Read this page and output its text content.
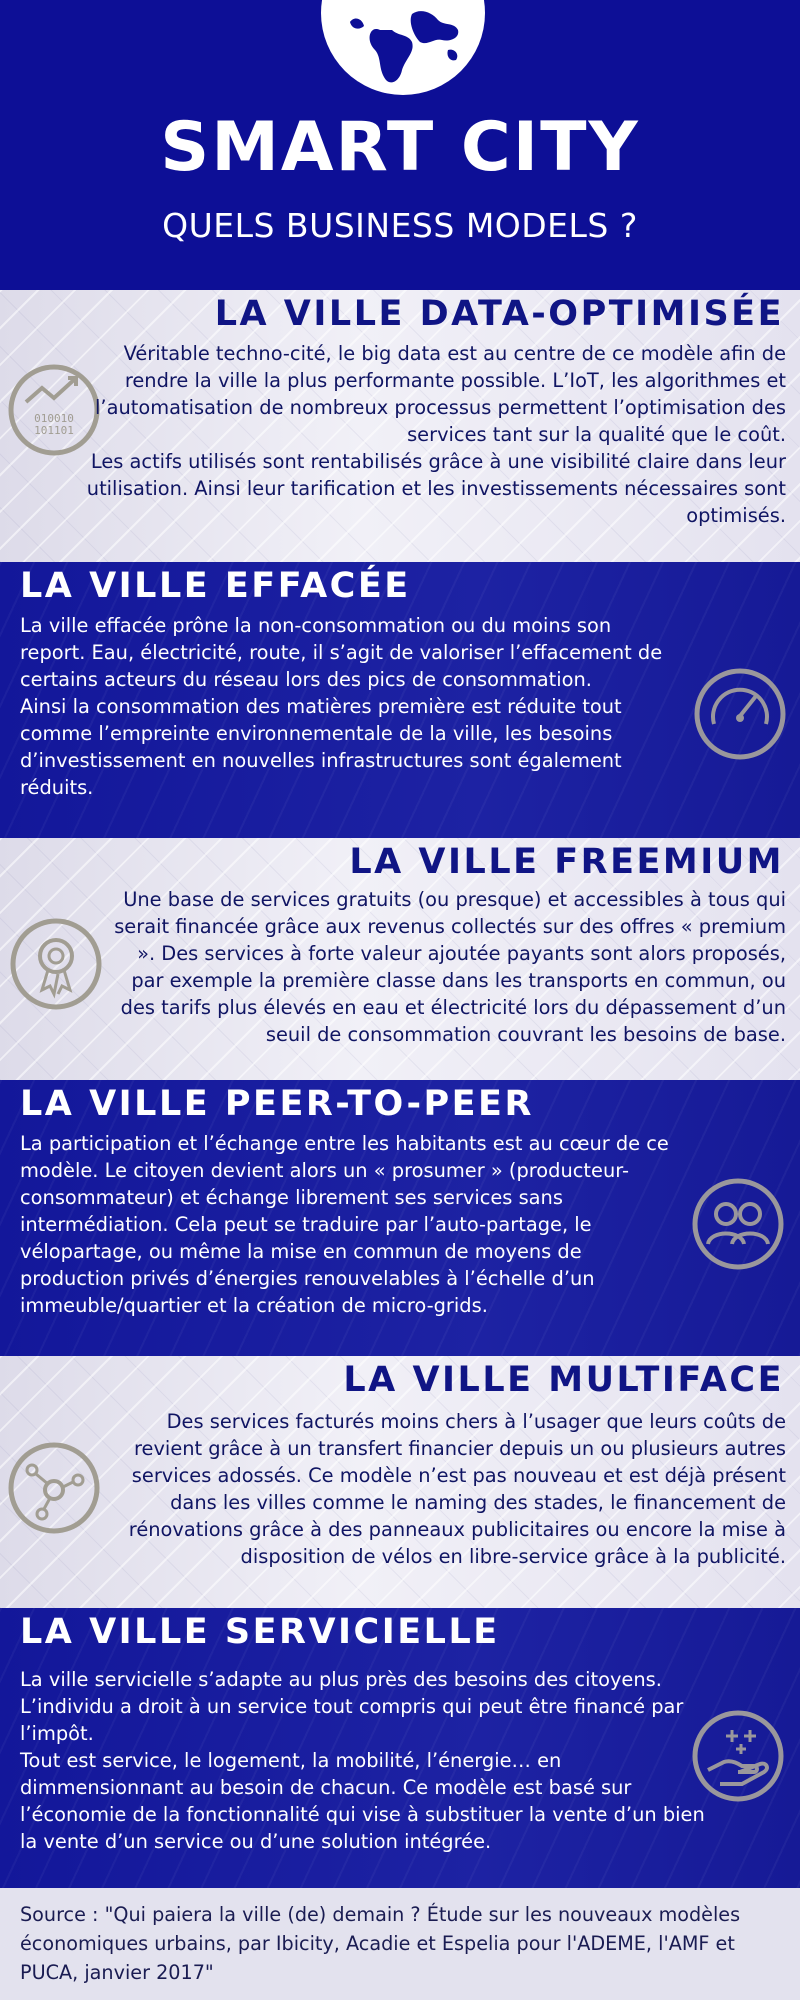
SMART CITY
QUELS BUSINESS MODELS ?
LA VILLE DATA-OPTIMISÉE
010010
101101

Véritable techno-cité, le big data est au centre de ce modèle afin de rendre la ville la plus performante possible. L’IoT, les algorithmes et l’automatisation de nombreux processus permettent l’optimisation des services tant sur la qualité que le coût.

Les actifs utilisés sont rentabilisés grâce à une visibilité claire dans leur utilisation. Ainsi leur tarification et les investissements nécessaires sont optimisés.

LA VILLE EFFACÉE

La ville effacée prône la non-consommation ou du moins son report. Eau, électricité, route, il s’agit de valoriser l’effacement de certains acteurs du réseau lors des pics de consommation.

Ainsi la consommation des matières première est réduite tout comme l’empreinte environnementale de la ville, les besoins d’investissement en nouvelles infrastructures sont également réduits.

LA VILLE FREEMIUM

Une base de services gratuits (ou presque) et accessibles à tous qui serait financée grâce aux revenus collectés sur des offres « premium ». Des services à forte valeur ajoutée payants sont alors proposés, par exemple la première classe dans les transports en commun, ou des tarifs plus élevés en eau et électricité lors du dépassement d’un seuil de consommation couvrant les besoins de base.

LA VILLE PEER-TO-PEER

La participation et l’échange entre les habitants est au cœur de ce modèle. Le citoyen devient alors un « prosumer » (producteur-consommateur) et échange librement ses services sans intermédiation. Cela peut se traduire par l’auto-partage, le vélopartage, ou même la mise en commun de moyens de production privés d’énergies renouvelables à l’échelle d’un immeuble/quartier et la création de micro-grids.

LA VILLE MULTIFACE

Des services facturés moins chers à l’usager que leurs coûts de revient grâce à un transfert financier depuis un ou plusieurs autres services adossés. Ce modèle n’est pas nouveau et est déjà présent dans les villes comme le naming des stades, le financement de rénovations grâce à des panneaux publicitaires ou encore la mise à disposition de vélos en libre-service grâce à la publicité.

LA VILLE SERVICIELLE

La ville servicielle s’adapte au plus près des besoins des citoyens. L’individu a droit à un service tout compris qui peut être financé par l’impôt.

Tout est service, le logement, la mobilité, l’énergie… en dimmensionnant au besoin de chacun. Ce modèle est basé sur l’économie de la fonctionnalité qui vise à substituer la vente d’un bien la vente d’un service ou d’une solution intégrée.

Source : "Qui paiera la ville (de) demain ? Étude sur les nouveaux modèles économiques urbains, par Ibicity, Acadie et Espelia pour l'ADEME, l'AMF et PUCA, janvier 2017"
